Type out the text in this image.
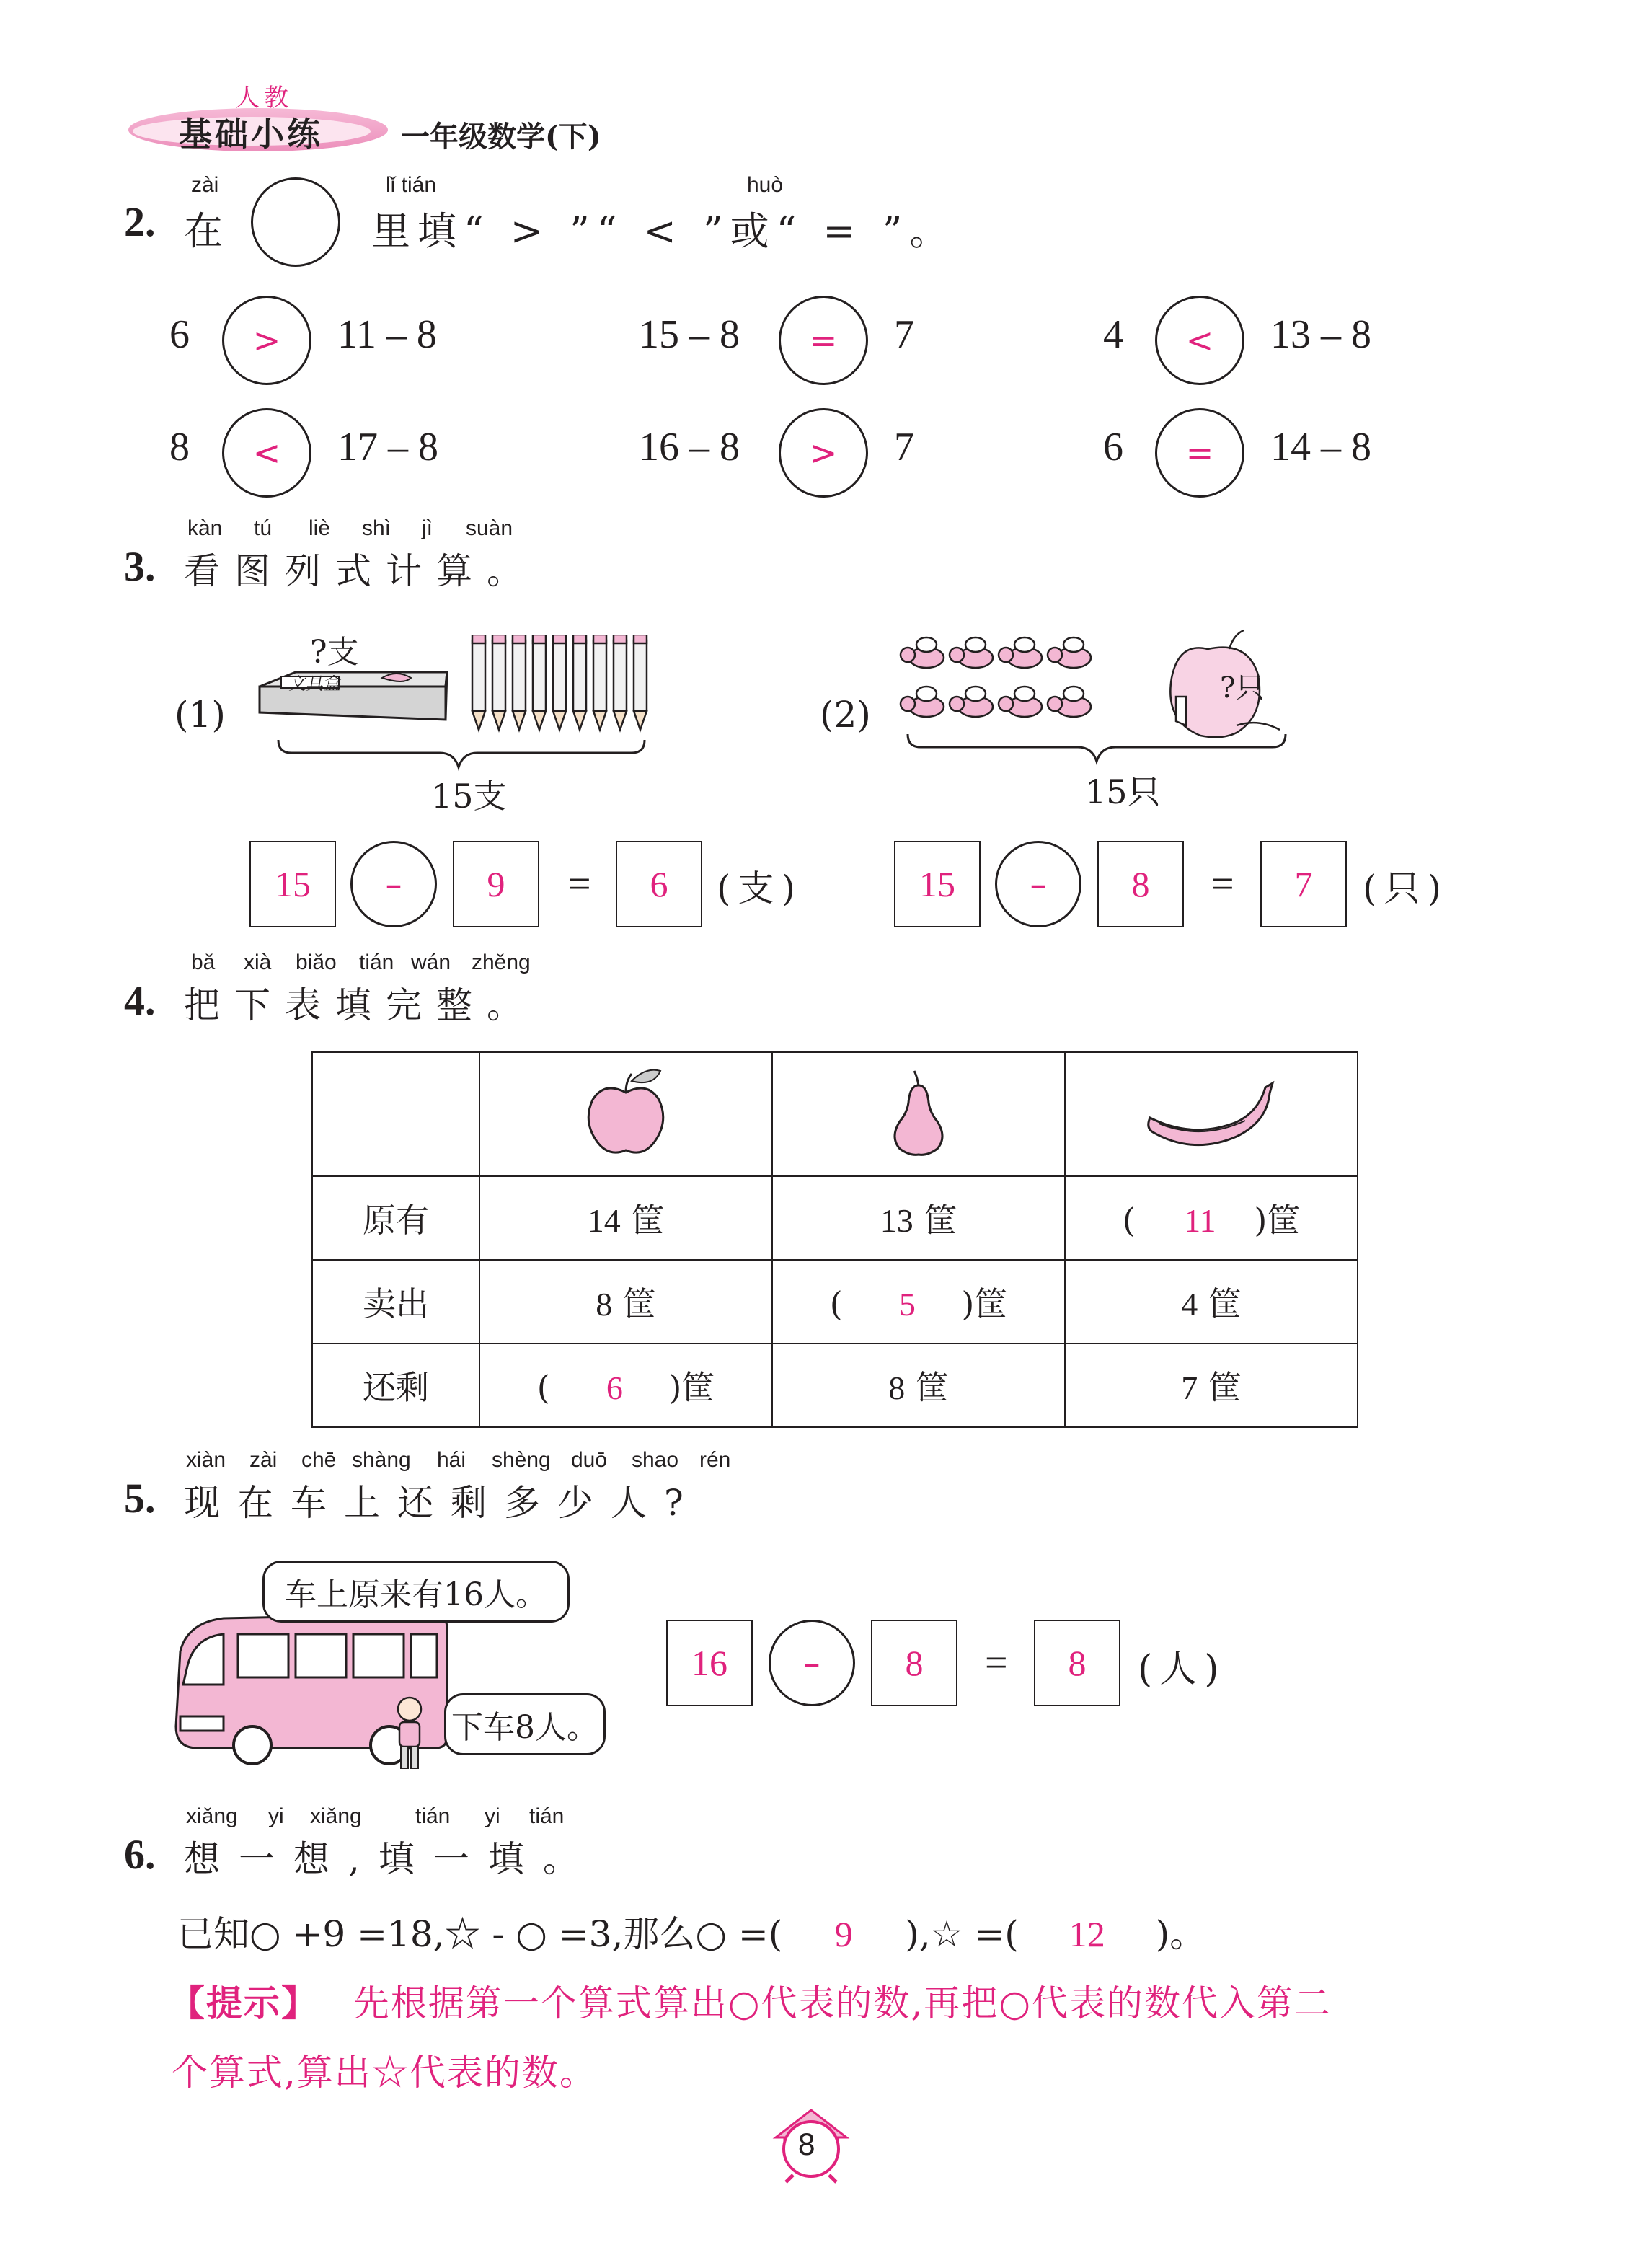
人教
基础小练	一年级数学(下)
zài	lǐ tián	huò
2. 在	里填“ > ”“ < ”或“ = ”。
6 > 11 – 8	15 – 8 = 7	4 < 13 – 8
8 < 17 – 8	16 – 8 > 7	6 = 14 – 8
kàn tú liè shì jì suàn
3. 看图列式计算。
(1)
?支
文具盒
15支
(2)
?只
15只
15	–	9	=	6	(支)	15	–	8	=	7	(只)
bǎ xià biǎo tián wán zhěng
4. 把下表填完整。

原有	14 筐	13 筐	( 11 )筐
卖出	8 筐	( 5 )筐	4 筐
还剩	( 6 )筐	8 筐	7 筐
xiàn zài chē shàng hái shèng duō shao rén
5. 现在车上还剩多少人?
车上原来有16人。
下车8人。
16	–	8	=	8	(人)
xiǎng yi xiǎng tián yi tián
6. 想一想,填一填。
已知○ +9 =18,☆ - ○ =3,那么○ =( 9 ),☆ =( 12 )。
【提示】 先根据第一个算式算出○代表的数,再把○代表的数代入第二
个算式,算出☆代表的数。
8
